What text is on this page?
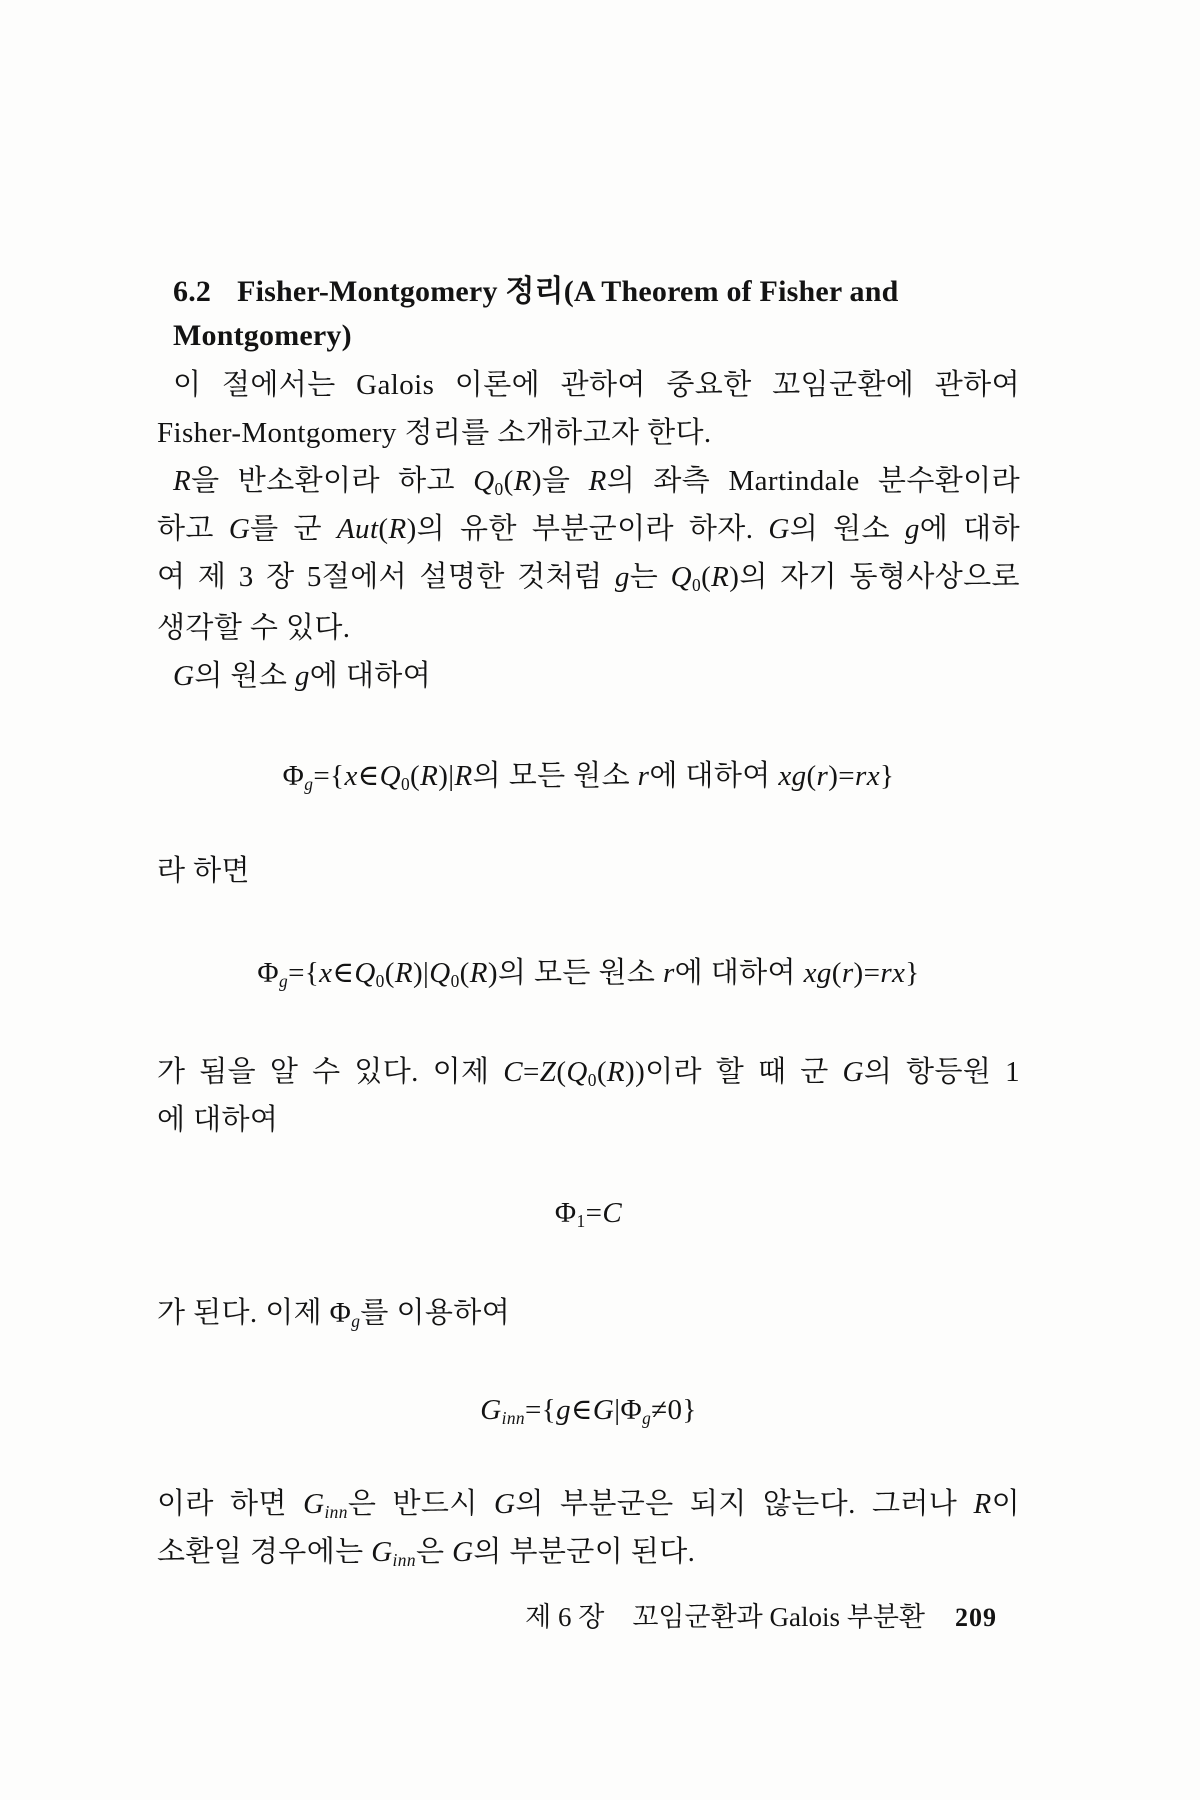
6.2 Fisher-Montgomery 정리(A Theorem of Fisher and Montgomery)
이 절에서는 Galois 이론에 관하여 중요한 꼬임군환에 관하여
Fisher-Montgomery 정리를 소개하고자 한다.
R을 반소환이라 하고 Q0(R)을 R의 좌측 Martindale 분수환이라
하고 G를 군 Aut(R)의 유한 부분군이라 하자. G의 원소 g에 대하
여 제 3 장 5절에서 설명한 것처럼 g는 Q0(R)의 자기 동형사상으로
생각할 수 있다.
G의 원소 g에 대하여
Φg={x∈Q0(R)|R의 모든 원소 r에 대하여 xg(r)=rx}
라 하면
Φg={x∈Q0(R)|Q0(R)의 모든 원소 r에 대하여 xg(r)=rx}
가 됨을 알 수 있다. 이제 C=Z(Q0(R))이라 할 때 군 G의 항등원 1
에 대하여
Φ1=C
가 된다. 이제 Φg를 이용하여
Ginn={g∈G|Φg≠0}
이라 하면 Ginn은 반드시 G의 부분군은 되지 않는다. 그러나 R이
소환일 경우에는 Ginn은 G의 부분군이 된다.
제 6 장 꼬임군환과 Galois 부분환 209
